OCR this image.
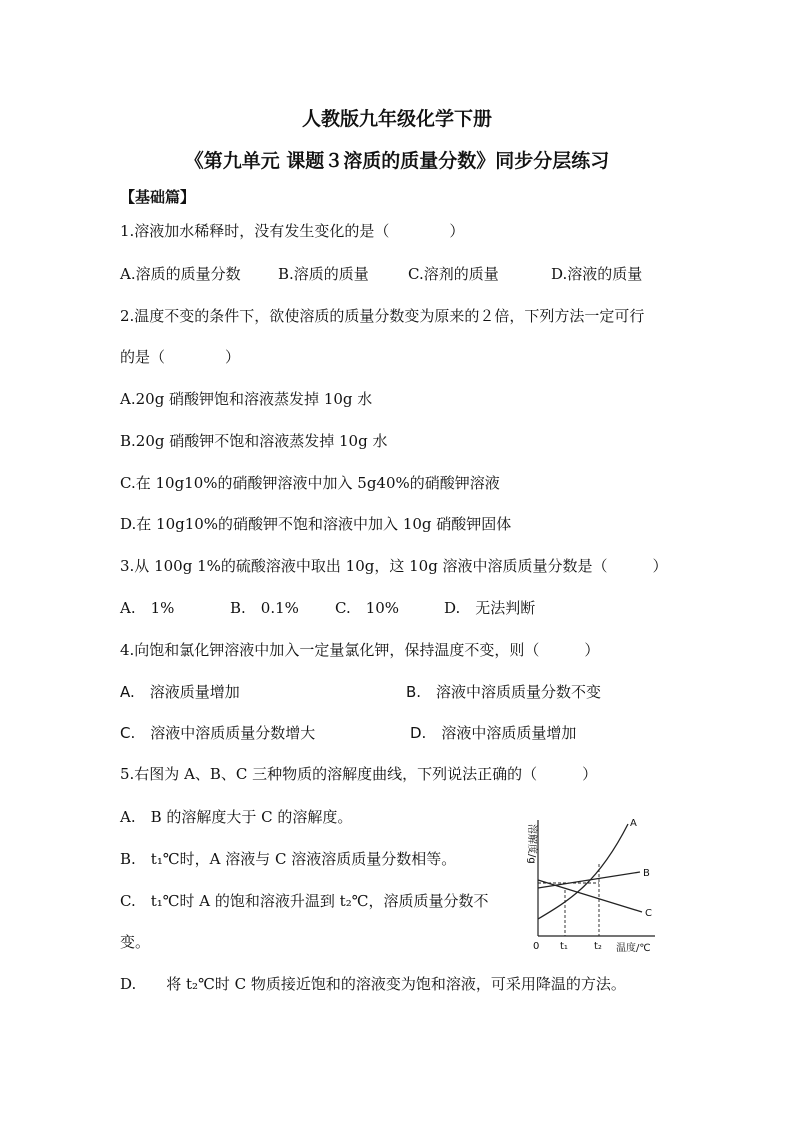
人教版九年级化学下册
《第九单元 课题３溶质的质量分数》同步分层练习
【基础篇】
1.溶液加水稀释时，没有发生变化的是（　　　　）
A.溶质的质量分数 B.溶质的质量	C.溶剂的质量	D.溶液的质量
2.温度不变的条件下，欲使溶质的质量分数变为原来的２倍，下列方法一定可行
的是（　　　　）
A.20g 硝酸钾饱和溶液蒸发掉 10g 水
B.20g 硝酸钾不饱和溶液蒸发掉 10g 水
C.在 10g10%的硝酸钾溶液中加入 5g40%的硝酸钾溶液
D.在 10g10%的硝酸钾不饱和溶液中加入 10g 硝酸钾固体
3.从 100g 1%的硫酸溶液中取出 10g，这 10g 溶液中溶质质量分数是（　　　）
A.　1%	B.　0.1% C.　10%	D.　无法判断
4.向饱和氯化钾溶液中加入一定量氯化钾，保持温度不变，则（　　　）
A.　溶液质量增加	B.　溶液中溶质质量分数不变
C.　溶液中溶质质量分数增大	D.　溶液中溶质质量增加
5.右图为 A、B、C 三种物质的溶解度曲线，下列说法正确的（　　　）
A.　B 的溶解度大于 C 的溶解度。
B.　t₁℃时，A 溶液与 C 溶液溶质质量分数相等。
C.　t₁℃时 A 的饱和溶液升温到 t₂℃，溶质质量分数不
变。
D.　　将 t₂℃时 C 物质接近饱和的溶液变为饱和溶液，可采用降温的方法。
溶解度/g
0 t₁	t₂ 温度/℃
A
B
C
